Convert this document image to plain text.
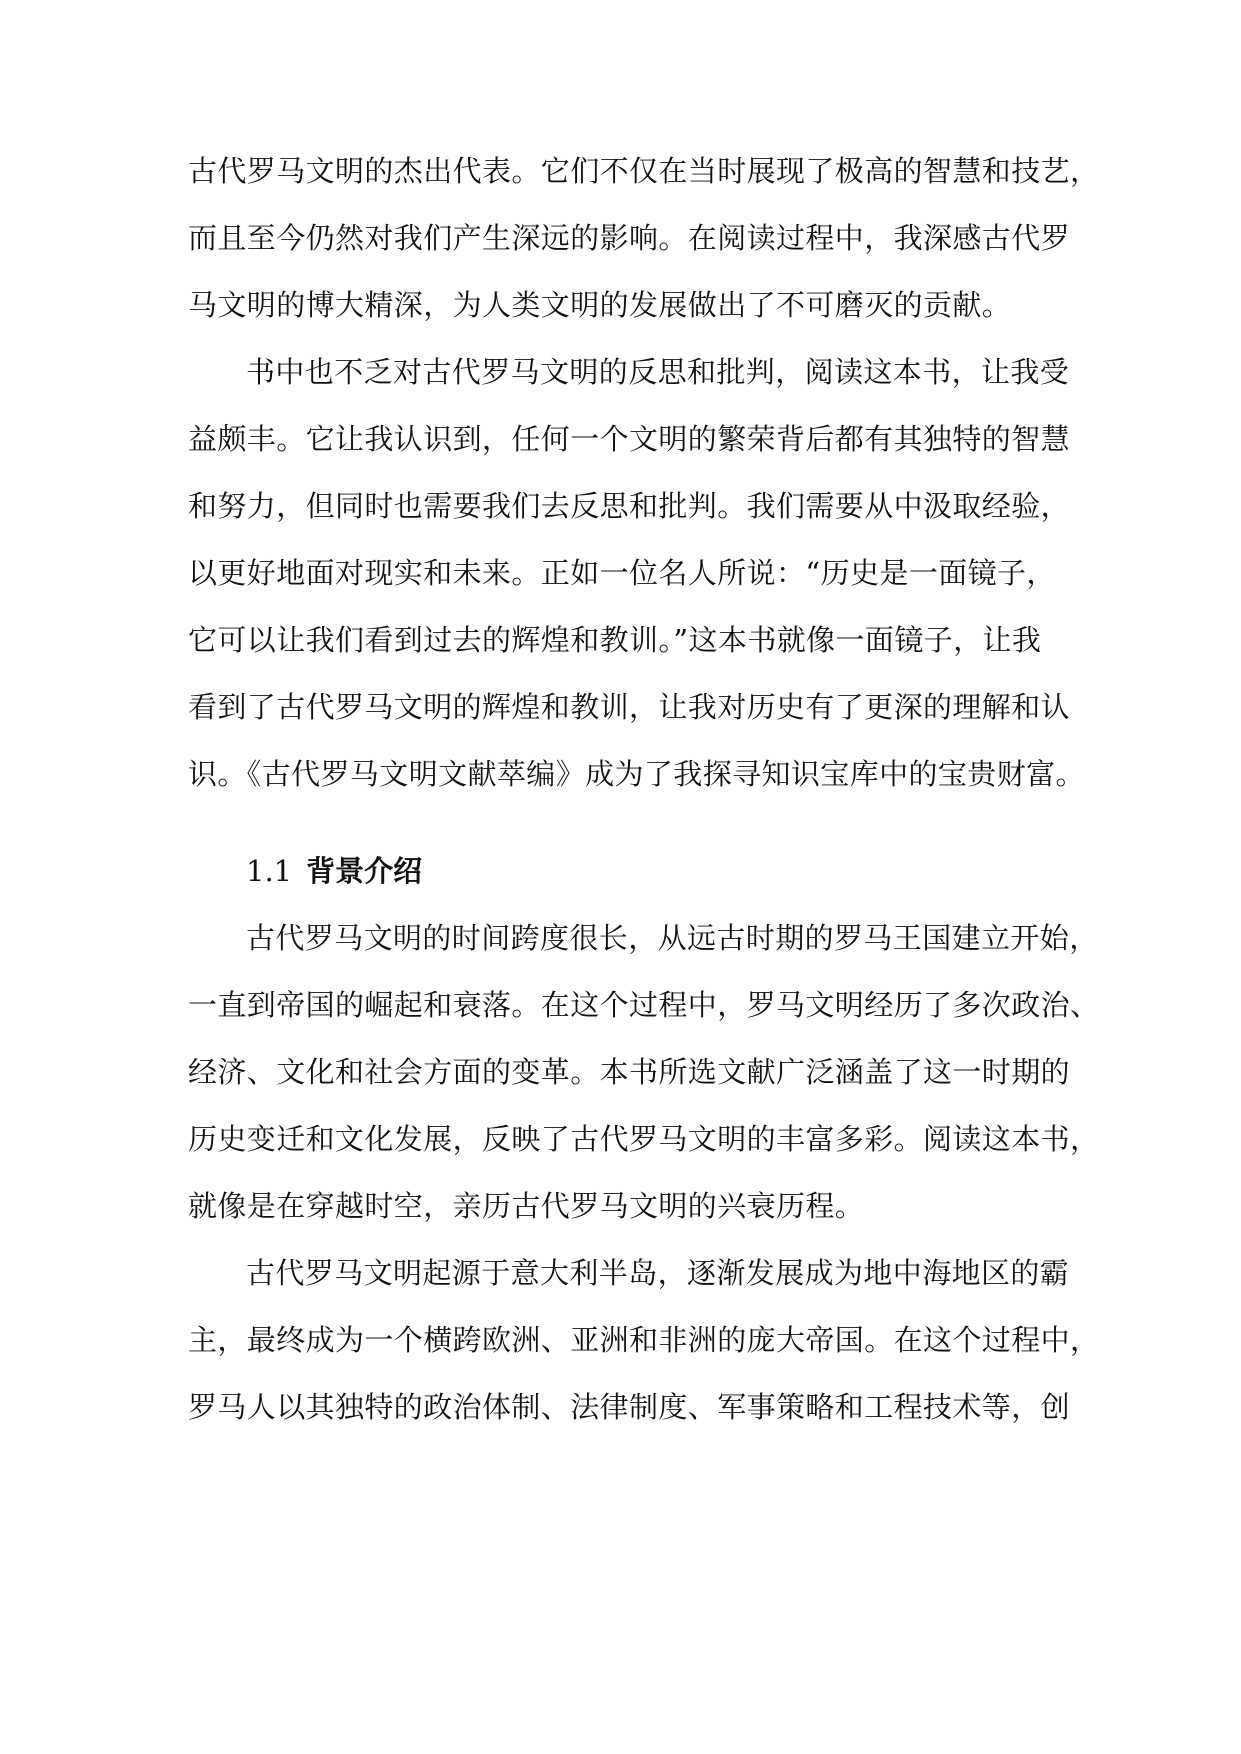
古代罗马文明的杰出代表。它们不仅在当时展现了极高的智慧和技艺，
而且至今仍然对我们产生深远的影响。在阅读过程中，我深感古代罗
马文明的博大精深，为人类文明的发展做出了不可磨灭的贡献。
书中也不乏对古代罗马文明的反思和批判，阅读这本书，让我受
益颇丰。它让我认识到，任何一个文明的繁荣背后都有其独特的智慧
和努力，但同时也需要我们去反思和批判。我们需要从中汲取经验，
以更好地面对现实和未来。正如一位名人所说：“历史是一面镜子，
它可以让我们看到过去的辉煌和教训。”这本书就像一面镜子，让我
看到了古代罗马文明的辉煌和教训，让我对历史有了更深的理解和认
识。《古代罗马文明文献萃编》成为了我探寻知识宝库中的宝贵财富。
1.1 背景介绍
古代罗马文明的时间跨度很长，从远古时期的罗马王国建立开始，
一直到帝国的崛起和衰落。在这个过程中，罗马文明经历了多次政治、
经济、文化和社会方面的变革。本书所选文献广泛涵盖了这一时期的
历史变迁和文化发展，反映了古代罗马文明的丰富多彩。阅读这本书，
就像是在穿越时空，亲历古代罗马文明的兴衰历程。
古代罗马文明起源于意大利半岛，逐渐发展成为地中海地区的霸
主，最终成为一个横跨欧洲、亚洲和非洲的庞大帝国。在这个过程中，
罗马人以其独特的政治体制、法律制度、军事策略和工程技术等，创
